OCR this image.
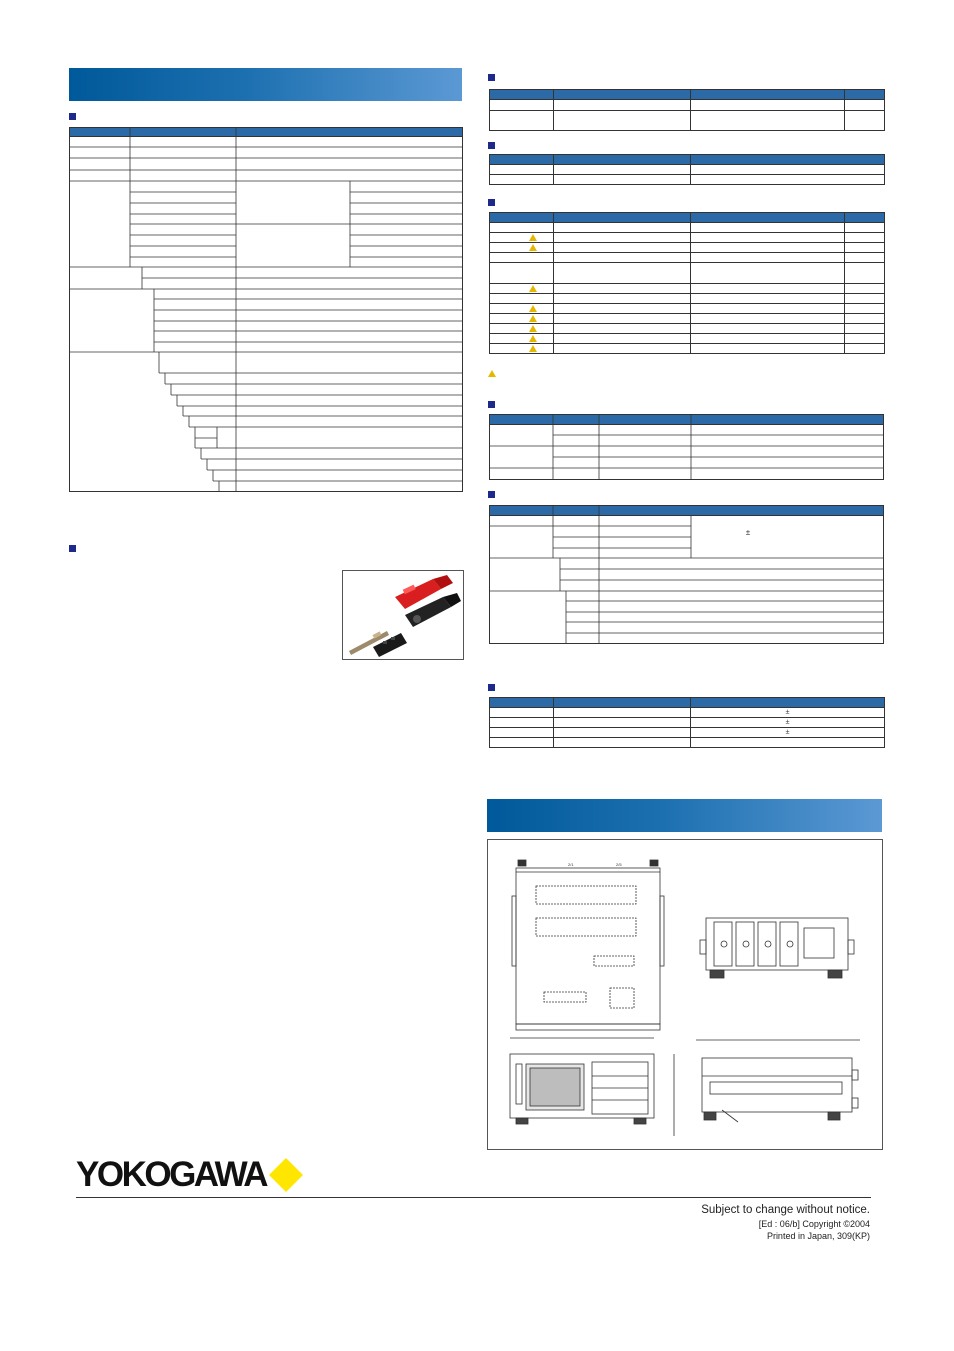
±

		±
		±
		±

2/1	2/5
YOKOGAWA
Subject to change without notice.
[Ed : 06/b] Copyright ©2004
Printed in Japan, 309(KP)
